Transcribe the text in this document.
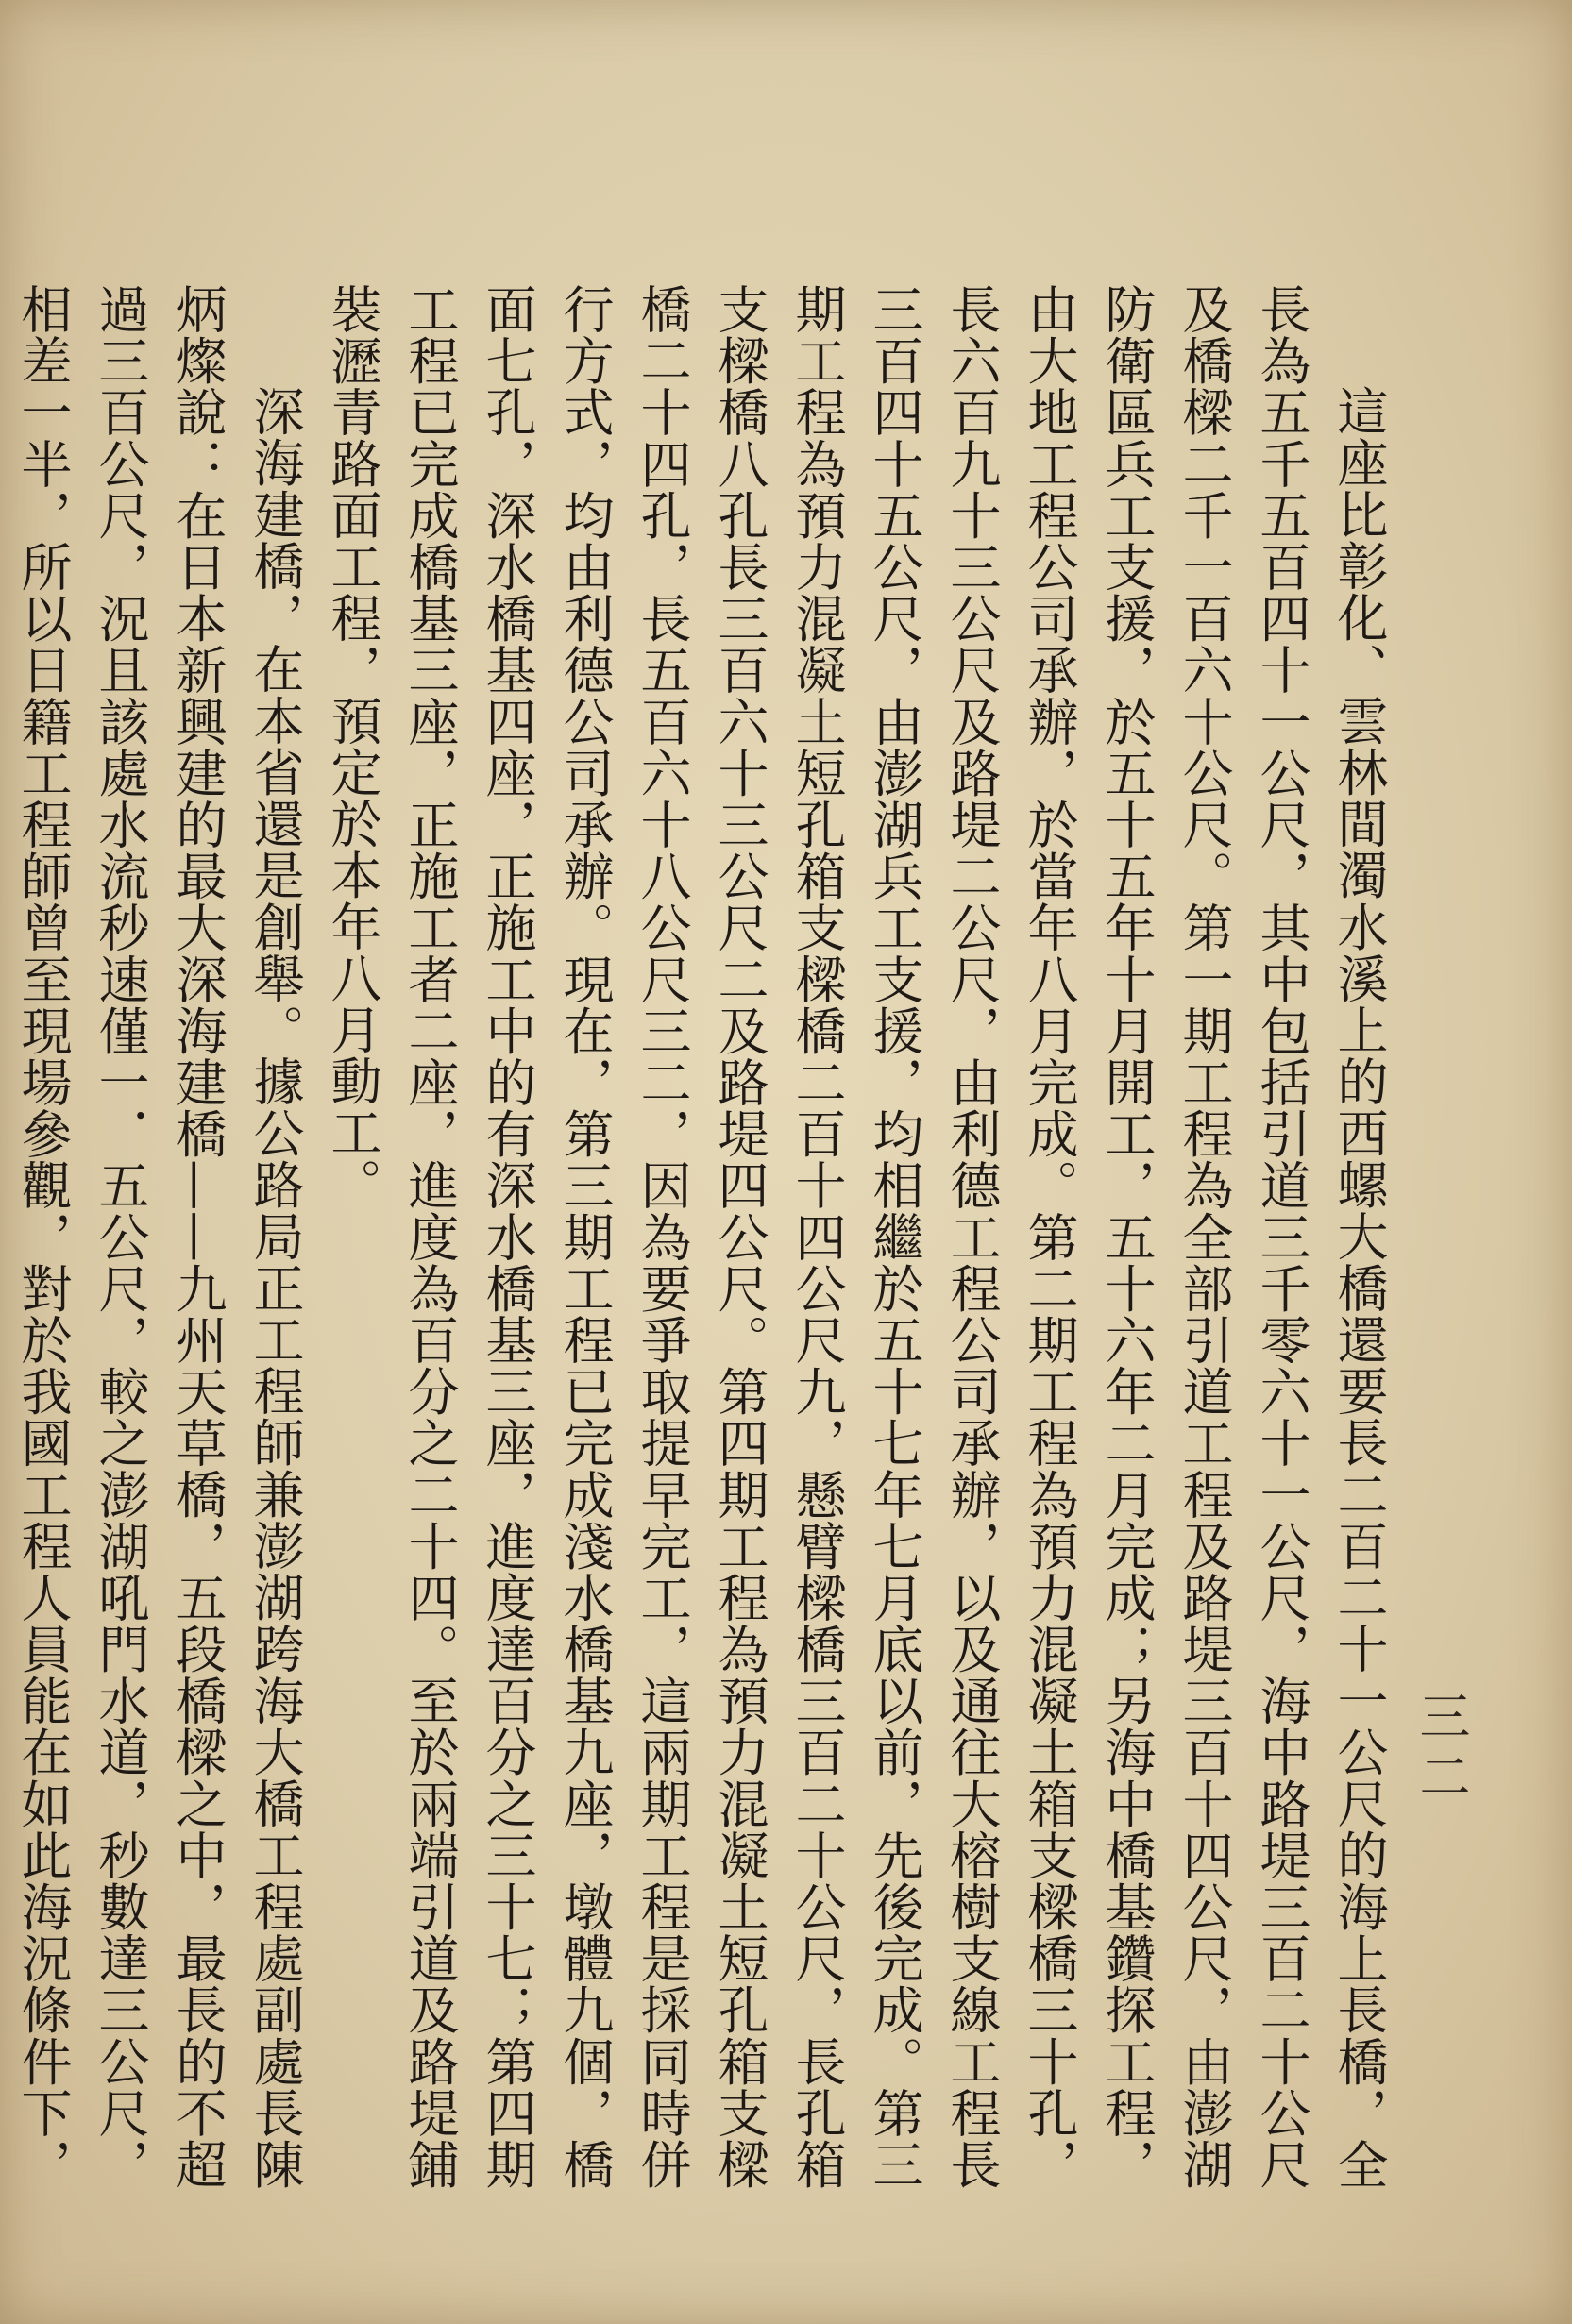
三二

這座比彰化、雲林間濁水溪上的西螺大橋還要長二百二十一公尺的海上長橋，全長為五千五百四十一公尺，其中包括引道三千零六十一公尺，海中路堤三百二十公尺及橋樑二千一百六十公尺。第一期工程為全部引道工程及路堤三百十四公尺，由澎湖防衛區兵工支援，於五十五年十月開工，五十六年二月完成；另海中橋基鑽探工程，由大地工程公司承辦，於當年八月完成。第二期工程為預力混凝土箱支樑橋三十孔，長六百九十三公尺及路堤二公尺，由利德工程公司承辦，以及通往大榕樹支線工程長三百四十五公尺，由澎湖兵工支援，均相繼於五十七年七月底以前，先後完成。第三期工程為預力混凝土短孔箱支樑橋二百十四公尺九，懸臂樑橋三百二十公尺，長孔箱支樑橋八孔長三百六十三公尺二及路堤四公尺。第四期工程為預力混凝土短孔箱支樑橋二十四孔，長五百六十八公尺三二，因為要爭取提早完工，這兩期工程是採同時併行方式，均由利德公司承辦。現在，第三期工程已完成淺水橋基九座，墩體九個，橋面七孔，深水橋基四座，正施工中的有深水橋基三座，進度達百分之三十七；第四期工程已完成橋基三座，正施工者二座，進度為百分之二十四。至於兩端引道及路堤鋪裝瀝青路面工程，預定於本年八月動工。

深海建橋，在本省還是創舉。據公路局正工程師兼澎湖跨海大橋工程處副處長陳炳燦說：在日本新興建的最大深海建橋——九州天草橋，五段橋樑之中，最長的不超過三百公尺，況且該處水流秒速僅一．五公尺，較之澎湖吼門水道，秒數達三公尺，相差一半，所以日籍工程師曾至現場參觀，對於我國工程人員能在如此海況條件下，
